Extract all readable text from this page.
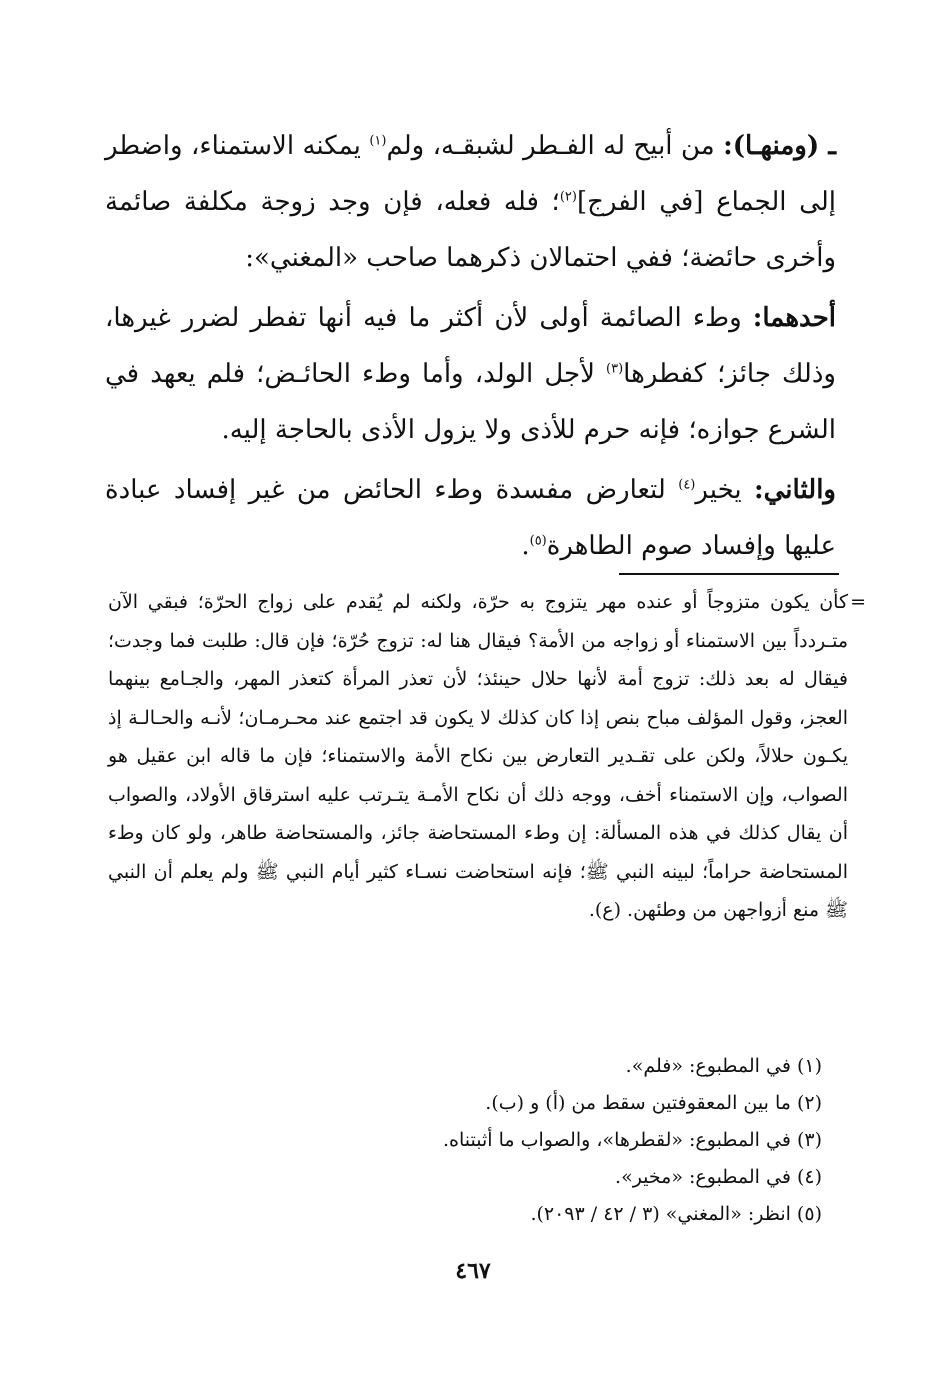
ـ (ومنهـا): من أبيح له الفـطر لشبقـه، ولم$^{(١)}$ يمكنه الاستمناء، واضطر إلى الجماع [في الفرج]$^{(٢)}$؛ فله فعله، فإن وجد زوجة مكلفة صائمة وأخرى حائضة؛ ففي احتمالان ذكرهما صاحب «المغني»:

أحدهما: وطء الصائمة أولى لأن أكثر ما فيه أنها تفطر لضرر غيرها، وذلك جائز؛ كفطرها$^{(٣)}$ لأجل الولد، وأما وطء الحائـض؛ فلم يعهد في الشرع جوازه؛ فإنه حرم للأذى ولا يزول الأذى بالحاجة إليه.

والثاني: يخير$^{(٤)}$ لتعارض مفسدة وطء الحائض من غير إفساد عبادة عليها وإفساد صوم الطاهرة$^{(٥)}$.

=

كأن يكون متزوجاً أو عنده مهر يتزوج به حرّة، ولكنه لم يُقدم على زواج الحرّة؛ فبقي الآن متـردداً بين الاستمناء أو زواجه من الأمة؟ فيقال هنا له: تزوج حُرّة؛ فإن قال: طلبت فما وجدت؛ فيقال له بعد ذلك: تزوج أمة لأنها حلال حينئذ؛ لأن تعذر المرأة كتعذر المهر، والجـامع بينهما العجز، وقول المؤلف مباح بنص إذا كان كذلك لا يكون قد اجتمع عند محـرمـان؛ لأنـه والحـالـة إذ يكـون حلالاً، ولكن على تقـدير التعارض بين نكاح الأمة والاستمناء؛ فإن ما قاله ابن عقيل هو الصواب، وإن الاستمناء أخف، ووجه ذلك أن نكاح الأمـة يتـرتب عليه استرقاق الأولاد، والصواب أن يقال كذلك في هذه المسألة: إن وطء المستحاضة جائز، والمستحاضة طاهر، ولو كان وطء المستحاضة حراماً؛ لبينه النبي ﷺ؛ فإنه استحاضت نسـاء كثير أيام النبي ﷺ ولم يعلم أن النبي ﷺ منع أزواجهن من وطئهن. (ع).

(١) في المطبوع: «فلم».

(٢) ما بين المعقوفتين سقط من (أ) و (ب).

(٣) في المطبوع: «لقطرها»، والصواب ما أثبتناه.

(٤) في المطبوع: «مخير».

(٥) انظر: «المغني» (٣ / ٤٢ / ٢٠٩٣).

٤٦٧
